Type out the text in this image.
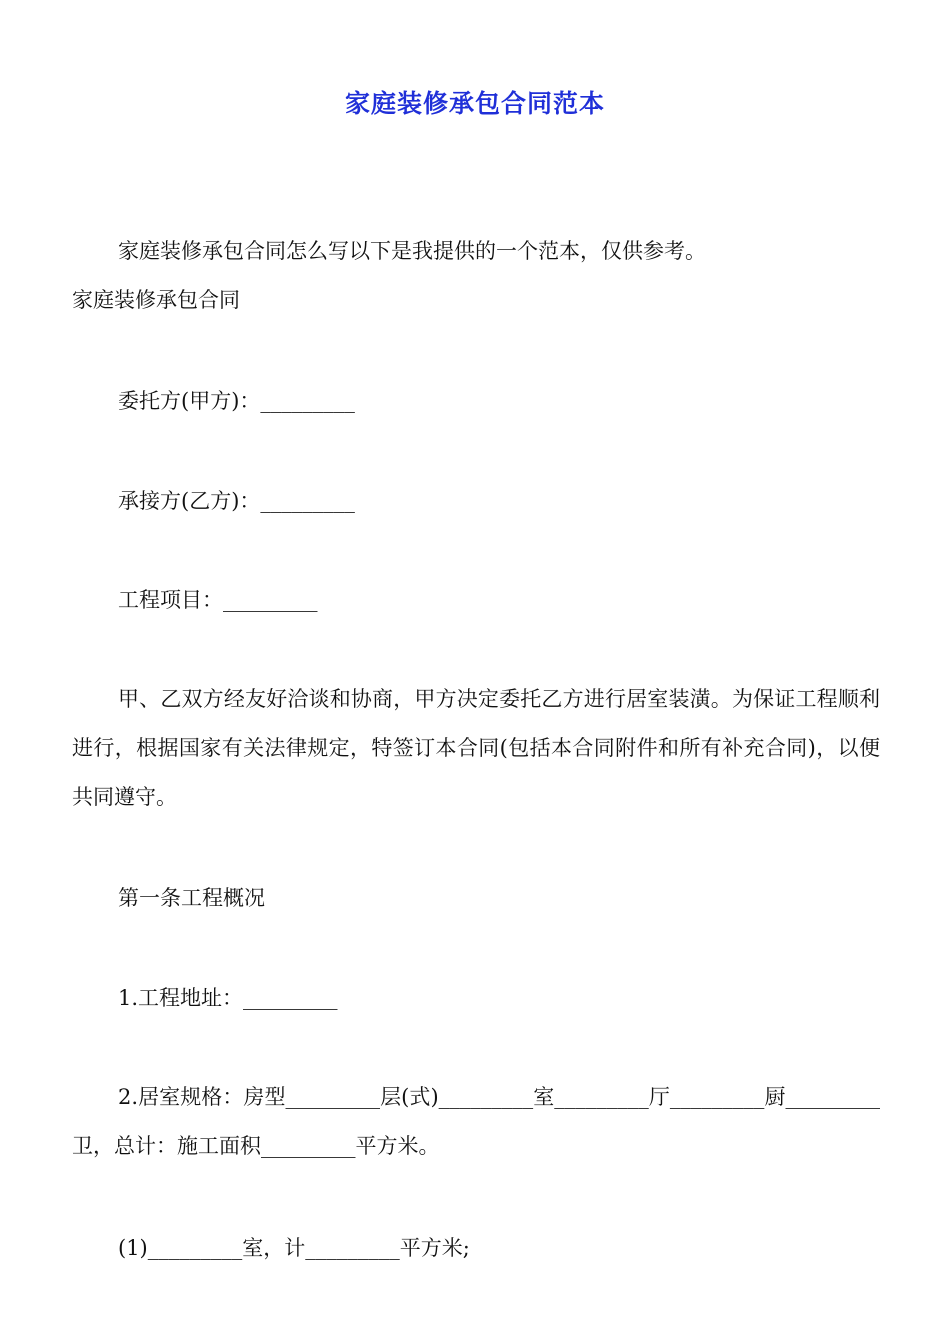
家庭装修承包合同范本
家庭装修承包合同怎么写以下是我提供的一个范本，仅供参考。
家庭装修承包合同
委托方(甲方)：_________
承接方(乙方)：_________
工程项目：_________
甲、乙双方经友好洽谈和协商，甲方决定委托乙方进行居室装潢。为保证工程顺利进行，根据国家有关法律规定，特签订本合同(包括本合同附件和所有补充合同)，以便共同遵守。
第一条工程概况
1.工程地址：_________
2.居室规格：房型_________层(式)_________室_________厅_________厨_________卫，总计：施工面积_________平方米。
(1)_________室，计_________平方米;
